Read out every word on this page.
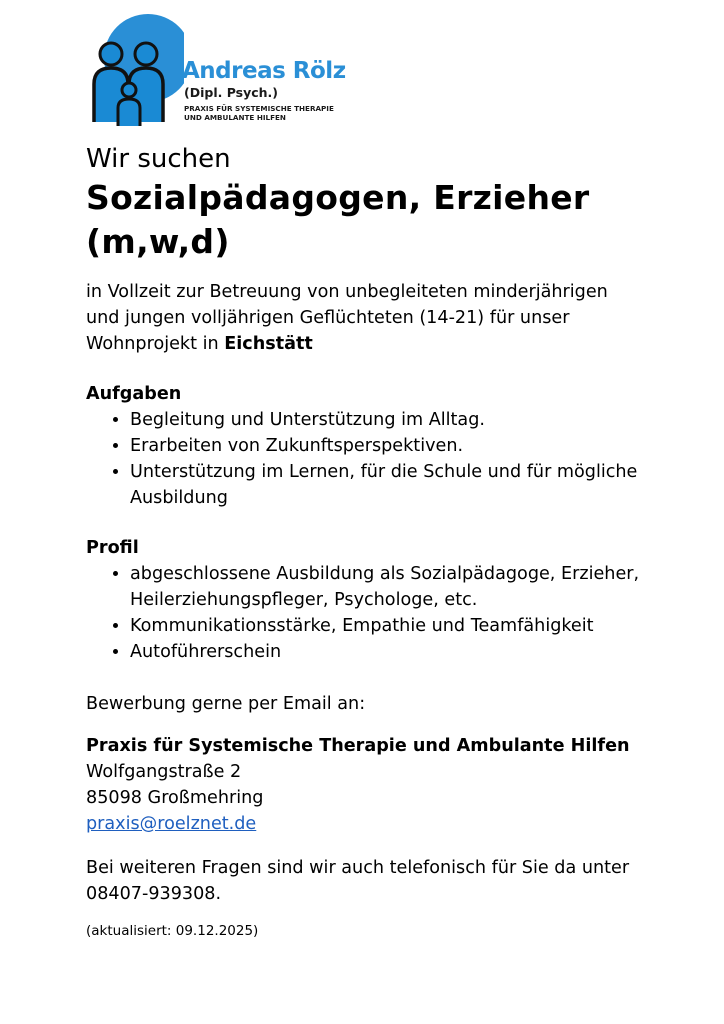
Andreas Rölz
(Dipl. Psych.)
PRAXIS FÜR SYSTEMISCHE THERAPIE
UND AMBULANTE HILFEN

Wir suchen

Sozialpädagogen, Erzieher
(m,w,d)

in Vollzeit zur Betreuung von unbegleiteten minderjährigen und jungen volljährigen Geflüchteten (14-21) für unser Wohnprojekt in Eichstätt

Aufgaben
• Begleitung und Unterstützung im Alltag.
• Erarbeiten von Zukunftsperspektiven.
• Unterstützung im Lernen, für die Schule und für mögliche Ausbildung
Profil
• abgeschlossene Ausbildung als Sozialpädagoge, Erzieher, Heilerziehungspfleger, Psychologe, etc.
• Kommunikationsstärke, Empathie und Teamfähigkeit
• Autoführerschein

Bewerbung gerne per Email an:

Praxis für Systemische Therapie und Ambulante Hilfen

Wolfgangstraße 2

85098 Großmehring

praxis@roelznet.de

Bei weiteren Fragen sind wir auch telefonisch für Sie da unter 08407-939308.

(aktualisiert: 09.12.2025)
